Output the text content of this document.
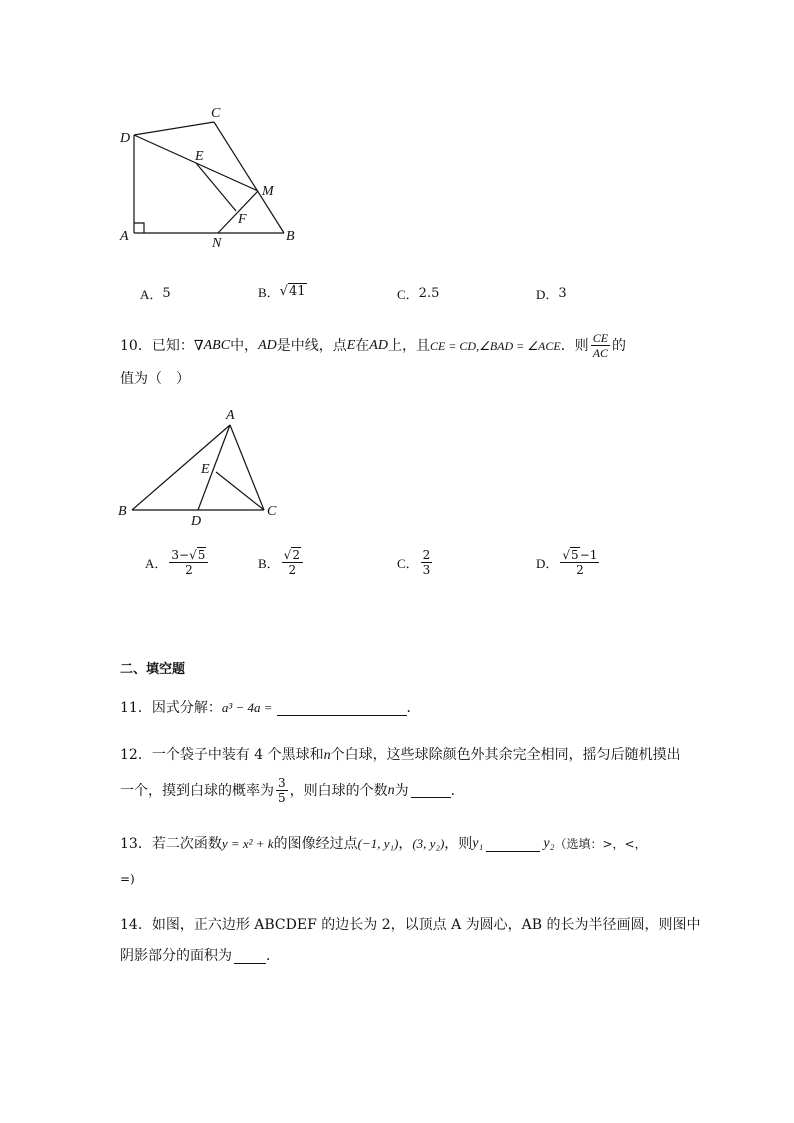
C
D
E
M
F
A	N	B
A． 5	B． √41	C． 2.5	D． 3
10． 已知： ∇ ABC 中， AD 是中线，点 E 在 AD 上，且 CE = CD,∠BAD = ∠ACE ．则 $\frac{CE}{AC}$ 的
值为（　）
A
E
B
D
C
A． $\frac{3-√5}{2}$	B． $\frac{√2}{2}$	C． $\frac{2}{3}$	D． $\frac{√5-1}{2}$
二、填空题
11． 因式分解： a³ − 4a =	．
12．一个袋子中装有 4 个黑球和n个白球，这些球除颜色外其余完全相同，摇匀后随机摸出
一个，摸到白球的概率为 $\frac{3}{5}$ ，则白球的个数 n 为	．
13． 若二次函数 y = x² + k 的图像经过点 (−1, y₁) ， (3, y₂) ，则 y₁	y₂ （选填：>，<，
=)
14．如图，正六边形 ABCDEF 的边长为 2，以顶点 A 为圆心，AB 的长为半径画圆，则图中
阴影部分的面积为 ．
